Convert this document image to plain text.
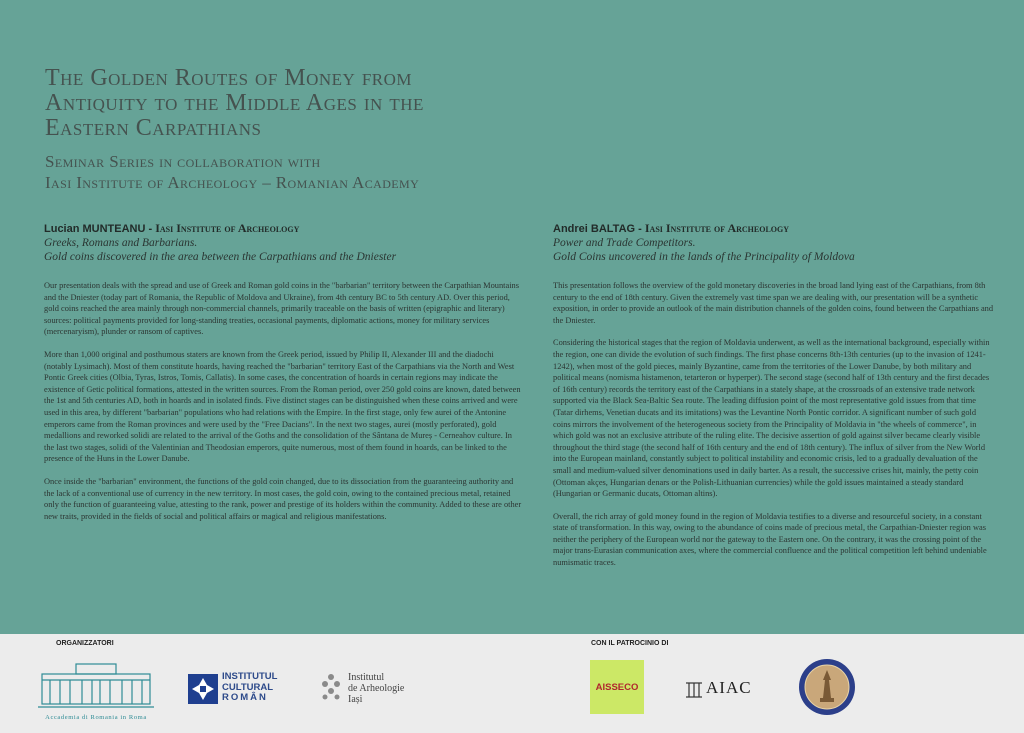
The Golden Routes of Money from
Antiquity to the Middle Ages in the
Eastern Carpathians
Seminar Series in collaboration with
Iasi Institute of Archeology – Romanian Academy
Lucian MUNTEANU - Iasi Institute of Archeology
Greeks, Romans and Barbarians.
Gold coins discovered in the area between the Carpathians and the Dniester

Our presentation deals with the spread and use of Greek and Roman gold coins in the "barbarian" territory between the Carpathian Mountains and the Dniester (today part of Romania, the Republic of Moldova and Ukraine), from 4th century BC to 5th century AD. Over this period, gold coins reached the area mainly through non-commercial channels, primarily traceable on the basis of written (epigraphic and literary) sources: political payments provided for long-standing treaties, occasional payments, diplomatic actions, money for military services (mercenaryism), plunder or ransom of captives.

More than 1,000 original and posthumous staters are known from the Greek period, issued by Philip II, Alexander III and the diadochi (notably Lysimach). Most of them constitute hoards, having reached the "barbarian" territory East of the Carpathians via the North and West Pontic Greek cities (Olbia, Tyras, Istros, Tomis, Callatis). In some cases, the concentration of hoards in certain regions may indicate the existence of Getic political formations, attested in the written sources. From the Roman period, over 250 gold coins are known, dated between the 1st and 5th centuries AD, both in hoards and in isolated finds. Five distinct stages can be distinguished when these coins arrived and were used in this area, by different "barbarian" populations who had relations with the Empire. In the first stage, only few aurei of the Antonine emperors came from the Roman provinces and were used by the "Free Dacians". In the next two stages, aurei (mostly perforated), gold medallions and reworked solidi are related to the arrival of the Goths and the consolidation of the Sântana de Mureș - Cerneahov culture. In the last two stages, solidi of the Valentinian and Theodosian emperors, quite numerous, most of them found in hoards, can be linked to the presence of the Huns in the Lower Danube.

Once inside the "barbarian" environment, the functions of the gold coin changed, due to its dissociation from the guaranteeing authority and the lack of a conventional use of currency in the new territory. In most cases, the gold coin, owing to the contained precious metal, retained only the function of guaranteeing value, attesting to the rank, power and prestige of its holders within the community. Added to these are other new traits, provided in the fields of social and political affairs or magical and religious manifestations.

Andrei BALTAG - Iasi Institute of Archeology
Power and Trade Competitors.
Gold Coins uncovered in the lands of the Principality of Moldova

This presentation follows the overview of the gold monetary discoveries in the broad land lying east of the Carpathians, from 8th century to the end of 18th century. Given the extremely vast time span we are dealing with, our presentation will be a synthetic exposition, in order to provide an outlook of the main distribution channels of the golden coins, found between the Carpathians and the Dniester.

Considering the historical stages that the region of Moldavia underwent, as well as the international background, especially within the region, one can divide the evolution of such findings. The first phase concerns 8th-13th centuries (up to the invasion of 1241-1242), when most of the gold pieces, mainly Byzantine, came from the territories of the Lower Danube, by both military and political means (nomisma histamenon, tetarteron or hyperper). The second stage (second half of 13th century and the first decades of 16th century) records the territory east of the Carpathians in a stately shape, at the crossroads of an extensive trade network supported via the Black Sea-Baltic Sea route. The leading diffusion point of the most representative gold issues from that time (Tatar dirhems, Venetian ducats and its imitations) was the Levantine North Pontic corridor. A significant number of such gold coins mirrors the involvement of the heterogeneous society from the Principality of Moldavia in "the wheels of commerce", in which gold was not an exclusive attribute of the ruling elite. The decisive assertion of gold against silver became clearly visible throughout the third stage (the second half of 16th century and the end of 18th century). The influx of silver from the New World into the European mainland, constantly subject to political instability and economic crisis, led to a gradually devaluation of the small and medium-valued silver denominations used in daily barter. As a result, the successive crises hit, mainly, the petty coin (Ottoman akçes, Hungarian denars or the Polish-Lithuanian currencies) while the gold issues maintained a steady standard (Hungarian or Germanic ducats, Ottoman altins).

Overall, the rich array of gold money found in the region of Moldavia testifies to a diverse and resourceful society, in a constant state of transformation. In this way, owing to the abundance of coins made of precious metal, the Carpathian-Dniester region was neither the periphery of the European world nor the gateway to the Eastern one. On the contrary, it was the crossing point of the major trans-Eurasian communication axes, where the commercial confluence and the political competition left behind undeniable numismatic traces.

ORGANIZZATORI	CON IL PATROCINIO DI
Accademia di Romania in Roma
INSTITUTUL
CULTURAL
ROMÂN
Institutul
de Arheologie
Iași
AISSECO	AIAC
